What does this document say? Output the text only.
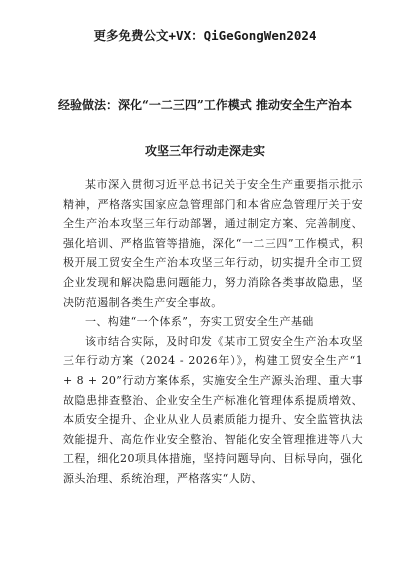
更多免费公文+VX：QiGeGongWen2024
经验做法：深化“一二三四”工作模式 推动安全生产治本
攻坚三年行动走深走实

某市深入贯彻习近平总书记关于安全生产重要指示批示精神，严格落实国家应急管理部门和本省应急管理厅关于安全生产治本攻坚三年行动部署，通过制定方案、完善制度、强化培训、严格监管等措施，深化“一二三四”工作模式，积极开展工贸安全生产治本攻坚三年行动，切实提升全市工贸企业发现和解决隐患问题能力，努力消除各类事故隐患，坚决防范遏制各类生产安全事故。

一、构建“一个体系”，夯实工贸安全生产基础

该市结合实际，及时印发《某市工贸安全生产治本攻坚三年行动方案（2024 - 2026年）》，构建工贸安全生产“1 + 8 + 20”行动方案体系，实施安全生产源头治理、重大事故隐患排查整治、企业安全生产标准化管理体系提质增效、本质安全提升、企业从业人员素质能力提升、安全监管执法效能提升、高危作业安全整治、智能化安全管理推进等八大工程，细化20项具体措施，坚持问题导向、目标导向，强化源头治理、系统治理，严格落实“人防、
